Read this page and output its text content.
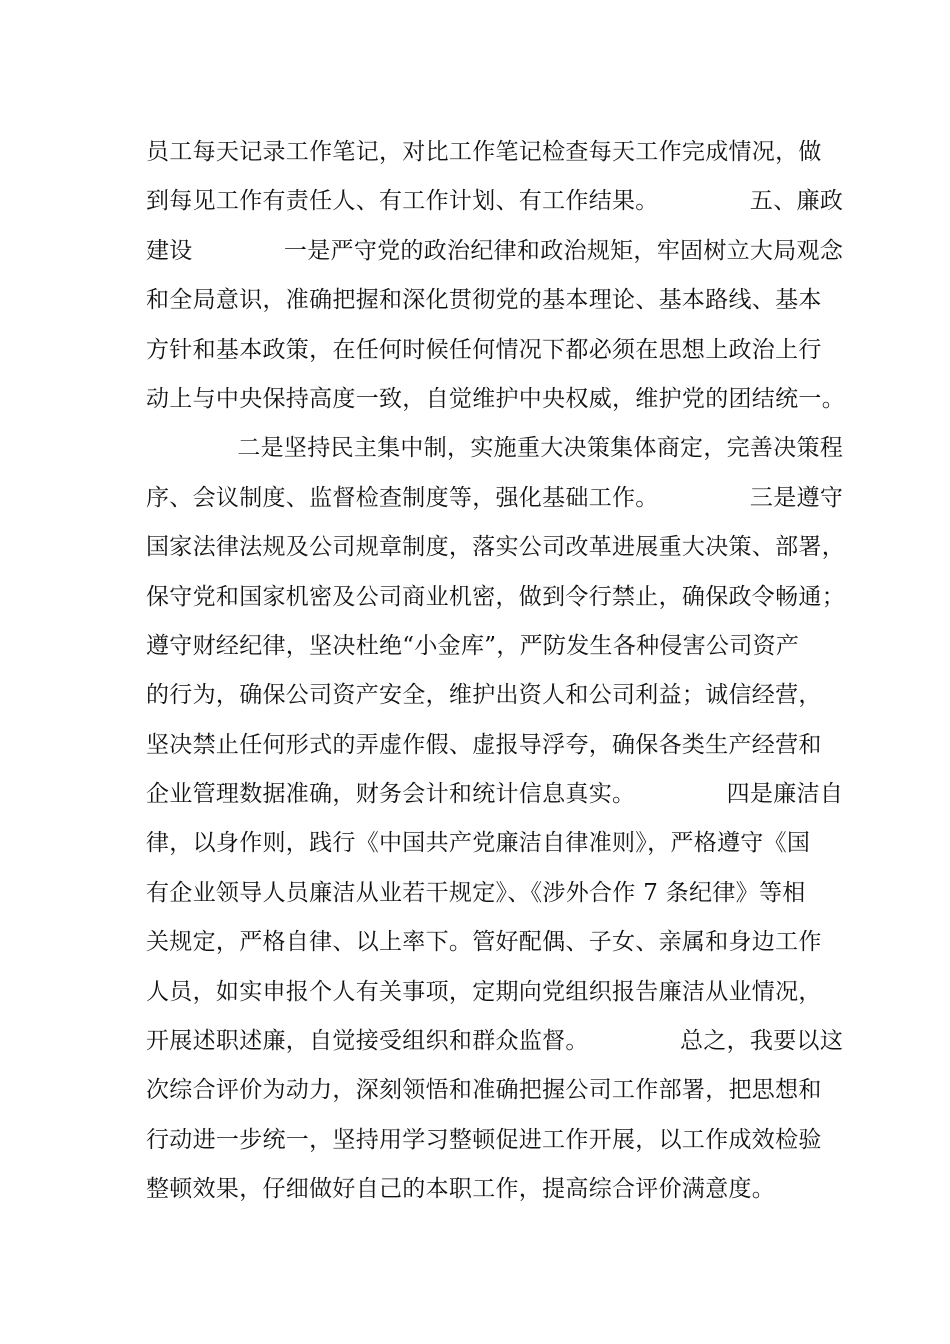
员工每天记录工作笔记，对比工作笔记检查每天工作完成情况，做
到每见工作有责任人、有工作计划、有工作结果。            五、廉政
建设            一是严守党的政治纪律和政治规矩，牢固树立大局观念
和全局意识，准确把握和深化贯彻党的基本理论、基本路线、基本
方针和基本政策，在任何时候任何情况下都必须在思想上政治上行
动上与中央保持高度一致，自觉维护中央权威，维护党的团结统一。
二是坚持民主集中制，实施重大决策集体商定，完善决策程
序、会议制度、监督检查制度等，强化基础工作。            三是遵守
国家法律法规及公司规章制度，落实公司改革进展重大决策、部署，
保守党和国家机密及公司商业机密，做到令行禁止，确保政令畅通；
遵守财经纪律，坚决杜绝“小金库”，严防发生各种侵害公司资产
的行为，确保公司资产安全，维护出资人和公司利益；诚信经营，
坚决禁止任何形式的弄虚作假、虚报导浮夸，确保各类生产经营和
企业管理数据准确，财务会计和统计信息真实。            四是廉洁自
律，以身作则，践行《中国共产党廉洁自律准则》，严格遵守《国
有企业领导人员廉洁从业若干规定》、《涉外合作 7 条纪律》等相
关规定，严格自律、以上率下。管好配偶、子女、亲属和身边工作
人员，如实申报个人有关事项，定期向党组织报告廉洁从业情况，
开展述职述廉，自觉接受组织和群众监督。            总之，我要以这
次综合评价为动力，深刻领悟和准确把握公司工作部署，把思想和
行动进一步统一，坚持用学习整顿促进工作开展，以工作成效检验
整顿效果，仔细做好自己的本职工作，提高综合评价满意度。
